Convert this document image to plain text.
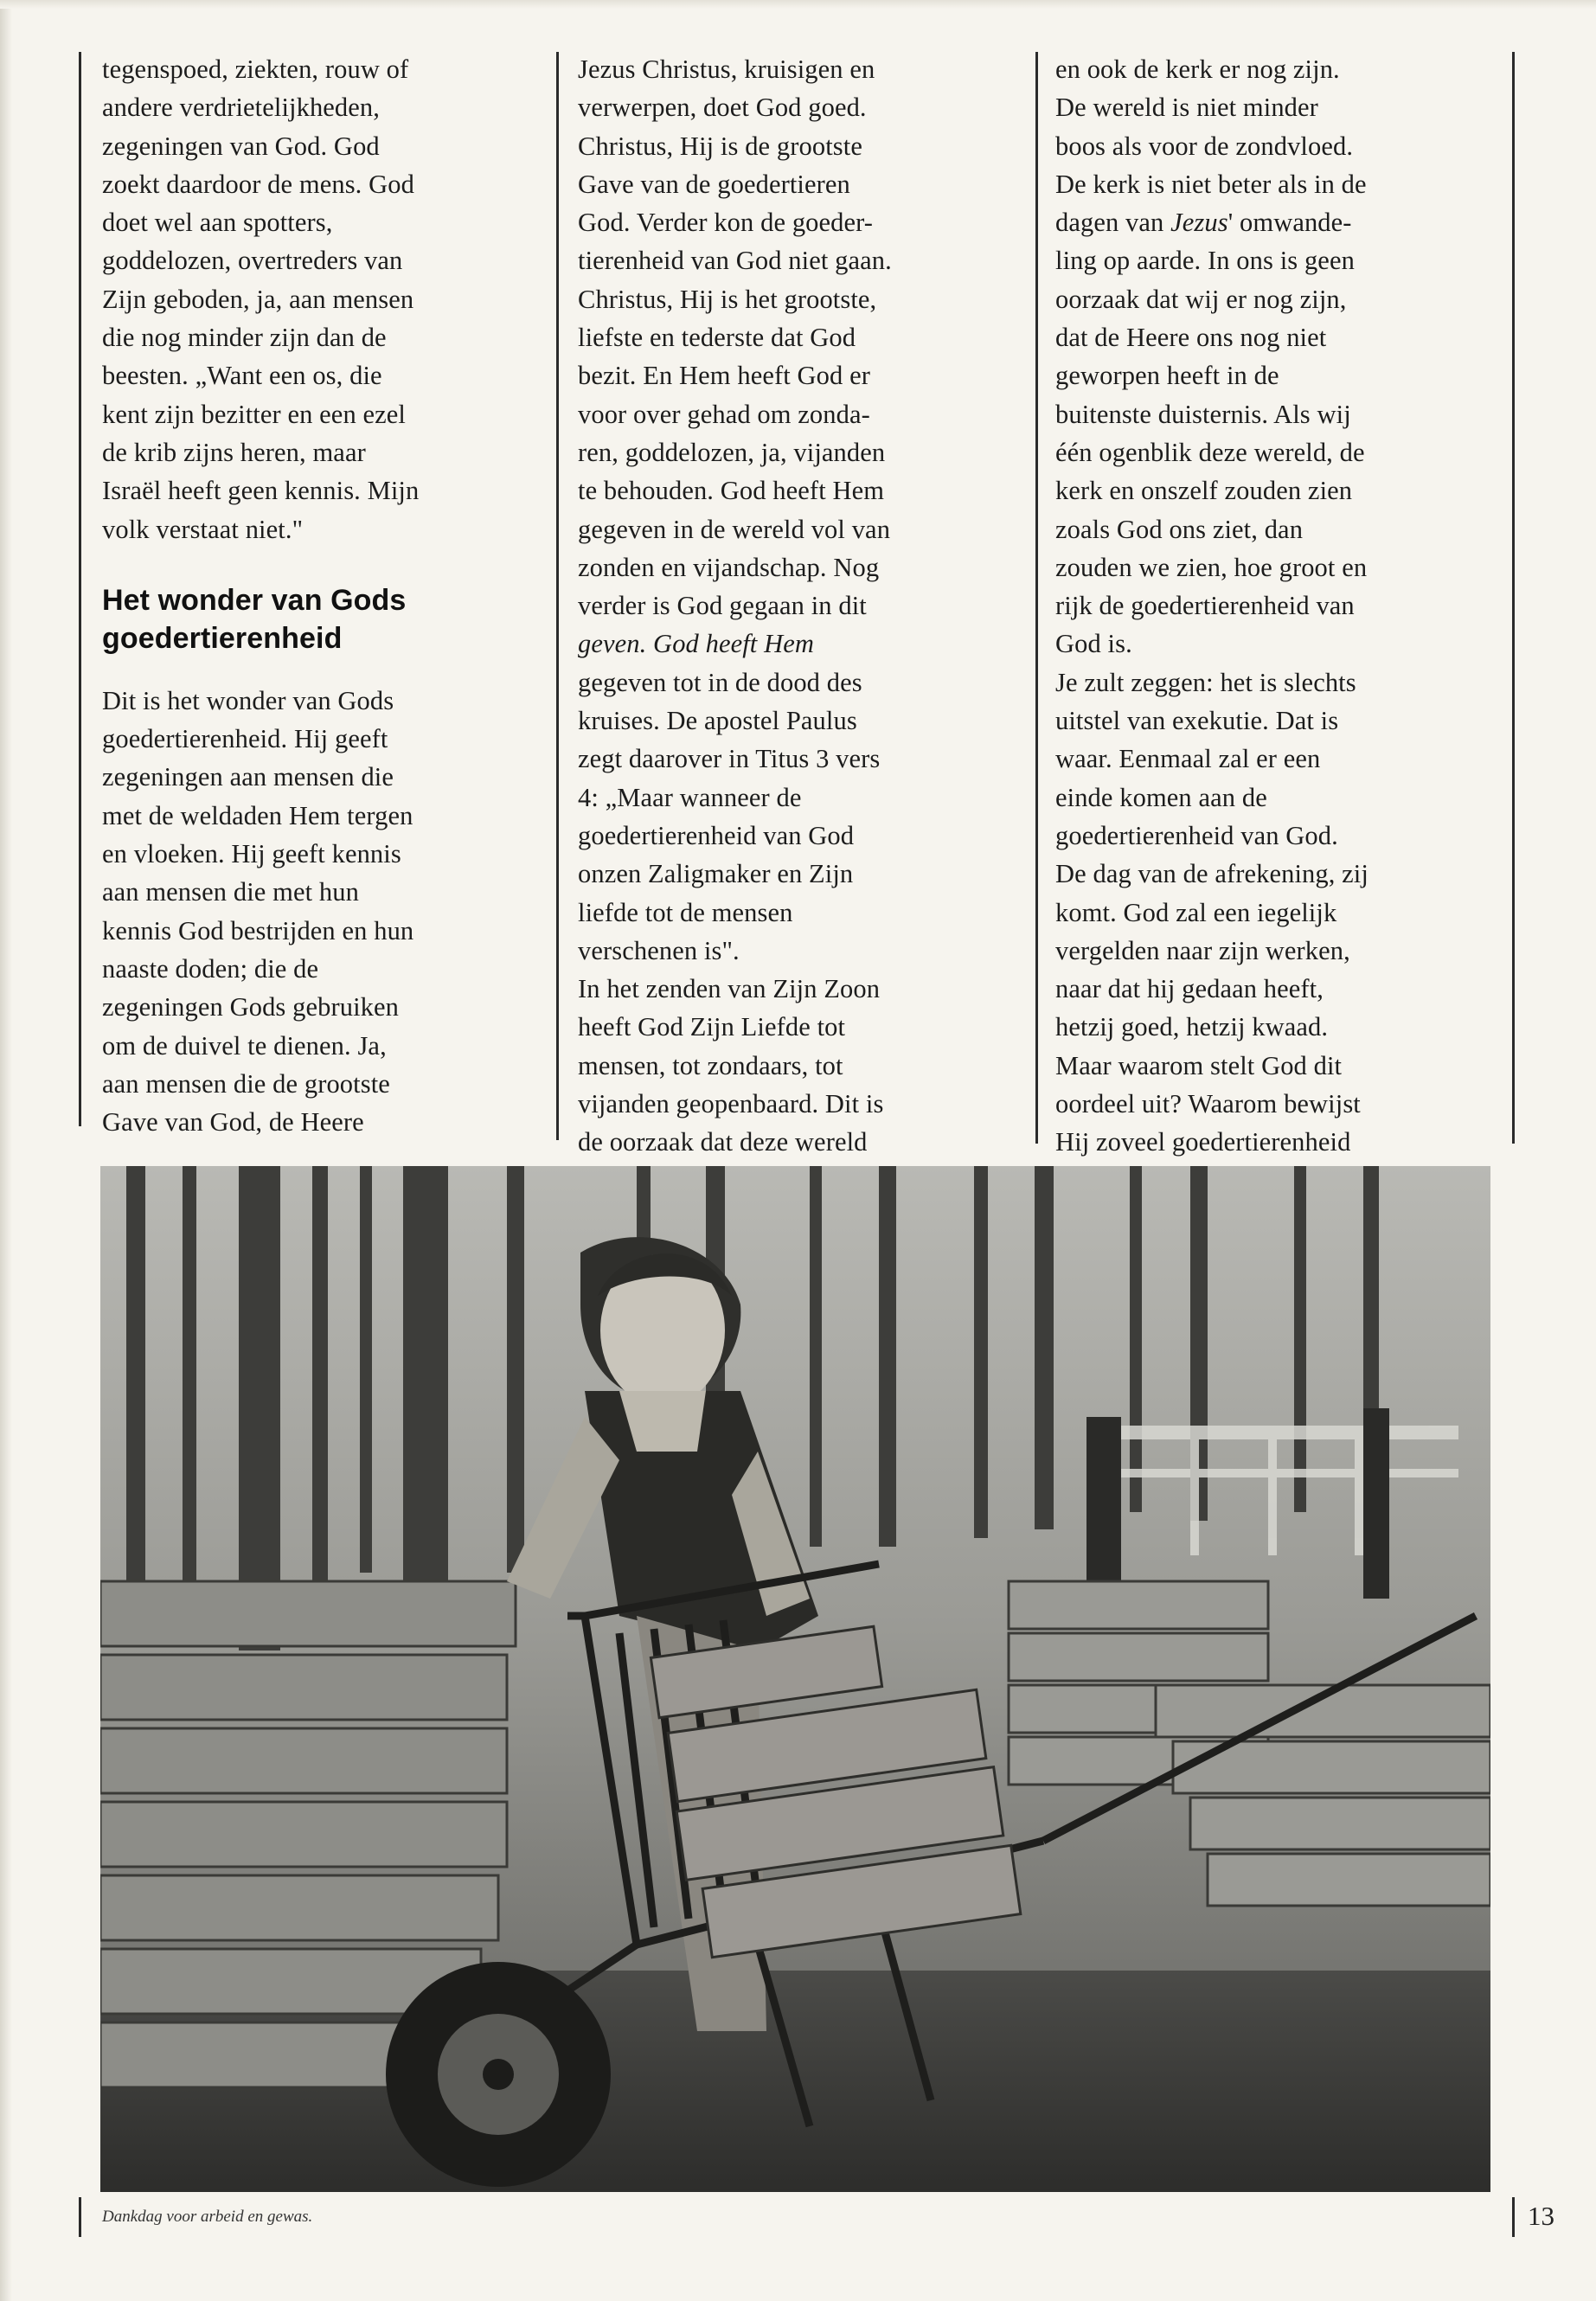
tegenspoed, ziekten, rouw of
andere verdrietelijkheden,
zegeningen van God. God
zoekt daardoor de mens. God
doet wel aan spotters,
goddelozen, overtreders van
Zijn geboden, ja, aan mensen
die nog minder zijn dan de
beesten. „Want een os, die
kent zijn bezitter en een ezel
de krib zijns heren, maar
Israël heeft geen kennis. Mijn
volk verstaat niet."
Het wonder van Gods
goedertierenheid
Dit is het wonder van Gods
goedertierenheid. Hij geeft
zegeningen aan mensen die
met de weldaden Hem tergen
en vloeken. Hij geeft kennis
aan mensen die met hun
kennis God bestrijden en hun
naaste doden; die de
zegeningen Gods gebruiken
om de duivel te dienen. Ja,
aan mensen die de grootste
Gave van God, de Heere
Jezus Christus, kruisigen en
verwerpen, doet God goed.
Christus, Hij is de grootste
Gave van de goedertieren
God. Verder kon de goeder-
tierenheid van God niet gaan.
Christus, Hij is het grootste,
liefste en tederste dat God
bezit. En Hem heeft God er
voor over gehad om zonda-
ren, goddelozen, ja, vijanden
te behouden. God heeft Hem
gegeven in de wereld vol van
zonden en vijandschap. Nog
verder is God gegaan in dit
geven. God heeft Hem
gegeven tot in de dood des
kruises. De apostel Paulus
zegt daarover in Titus 3 vers
4: „Maar wanneer de
goedertierenheid van God
onzen Zaligmaker en Zijn
liefde tot de mensen
verschenen is".
In het zenden van Zijn Zoon
heeft God Zijn Liefde tot
mensen, tot zondaars, tot
vijanden geopenbaard. Dit is
de oorzaak dat deze wereld
en ook de kerk er nog zijn.
De wereld is niet minder
boos als voor de zondvloed.
De kerk is niet beter als in de
dagen van Jezus' omwande-
ling op aarde. In ons is geen
oorzaak dat wij er nog zijn,
dat de Heere ons nog niet
geworpen heeft in de
buitenste duisternis. Als wij
één ogenblik deze wereld, de
kerk en onszelf zouden zien
zoals God ons ziet, dan
zouden we zien, hoe groot en
rijk de goedertierenheid van
God is.
Je zult zeggen: het is slechts
uitstel van exekutie. Dat is
waar. Eenmaal zal er een
einde komen aan de
goedertierenheid van God.
De dag van de afrekening, zij
komt. God zal een iegelijk
vergelden naar zijn werken,
naar dat hij gedaan heeft,
hetzij goed, hetzij kwaad.
Maar waarom stelt God dit
oordeel uit? Waarom bewijst
Hij zoveel goedertierenheid
Dankdag voor arbeid en gewas.	13
